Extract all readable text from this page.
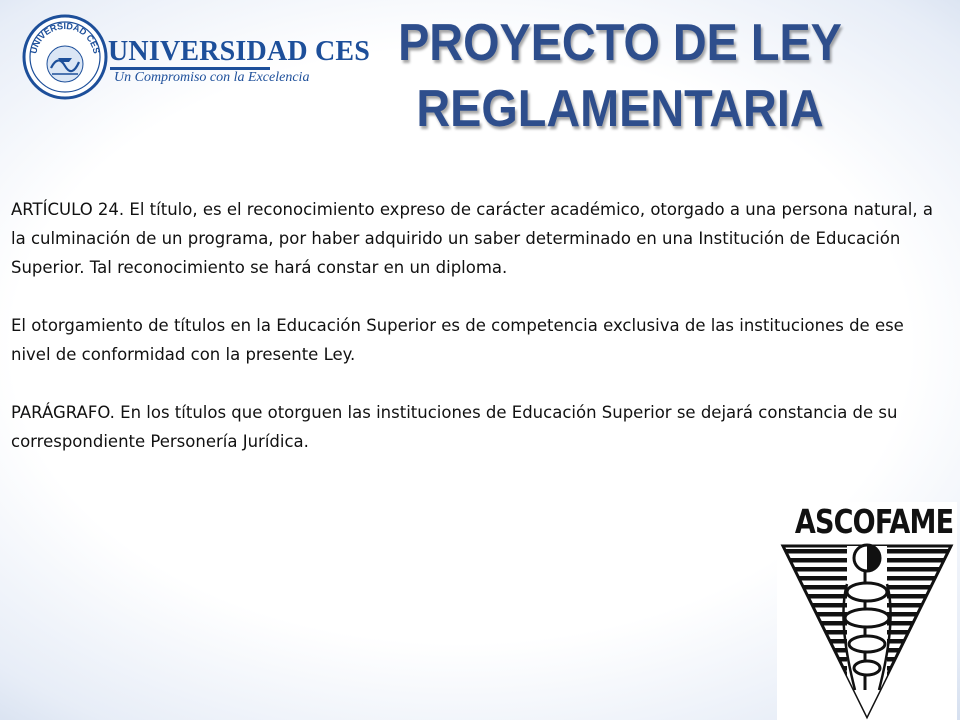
UNIVERSIDAD CES UNIVERSIDAD CES
Un Compromiso con la Excelencia
PROYECTO DE LEY
REGLAMENTARIA

ARTÍCULO 24. El título, es el reconocimiento expreso de carácter académico, otorgado a una persona natural, a la culminación de un programa, por haber adquirido un saber determinado en una Institución de Educación Superior. Tal reconocimiento se hará constar en un diploma.

El otorgamiento de títulos en la Educación Superior es de competencia exclusiva de las instituciones de ese nivel de conformidad con la presente Ley.

PARÁGRAFO. En los títulos que otorguen las instituciones de Educación Superior se dejará constancia de su correspondiente Personería Jurídica.

ASCOFAME
